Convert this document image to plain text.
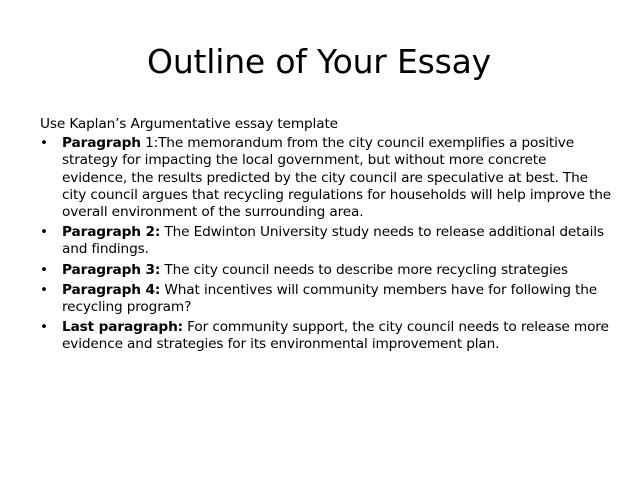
Outline of Your Essay
Use Kaplan’s Argumentative essay template
•	Paragraph 1:The memorandum from the city council exemplifies a positive strategy for impacting the local government, but without more concrete evidence, the results predicted by the city council are speculative at best. The city council argues that recycling regulations for households will help improve the overall environment of the surrounding area.
•	Paragraph 2: The Edwinton University study needs to release additional details and findings.
•	Paragraph 3: The city council needs to describe more recycling strategies
•	Paragraph 4: What incentives will community members have for following the recycling program?
•	Last paragraph: For community support, the city council needs to release more evidence and strategies for its environmental improvement plan.
